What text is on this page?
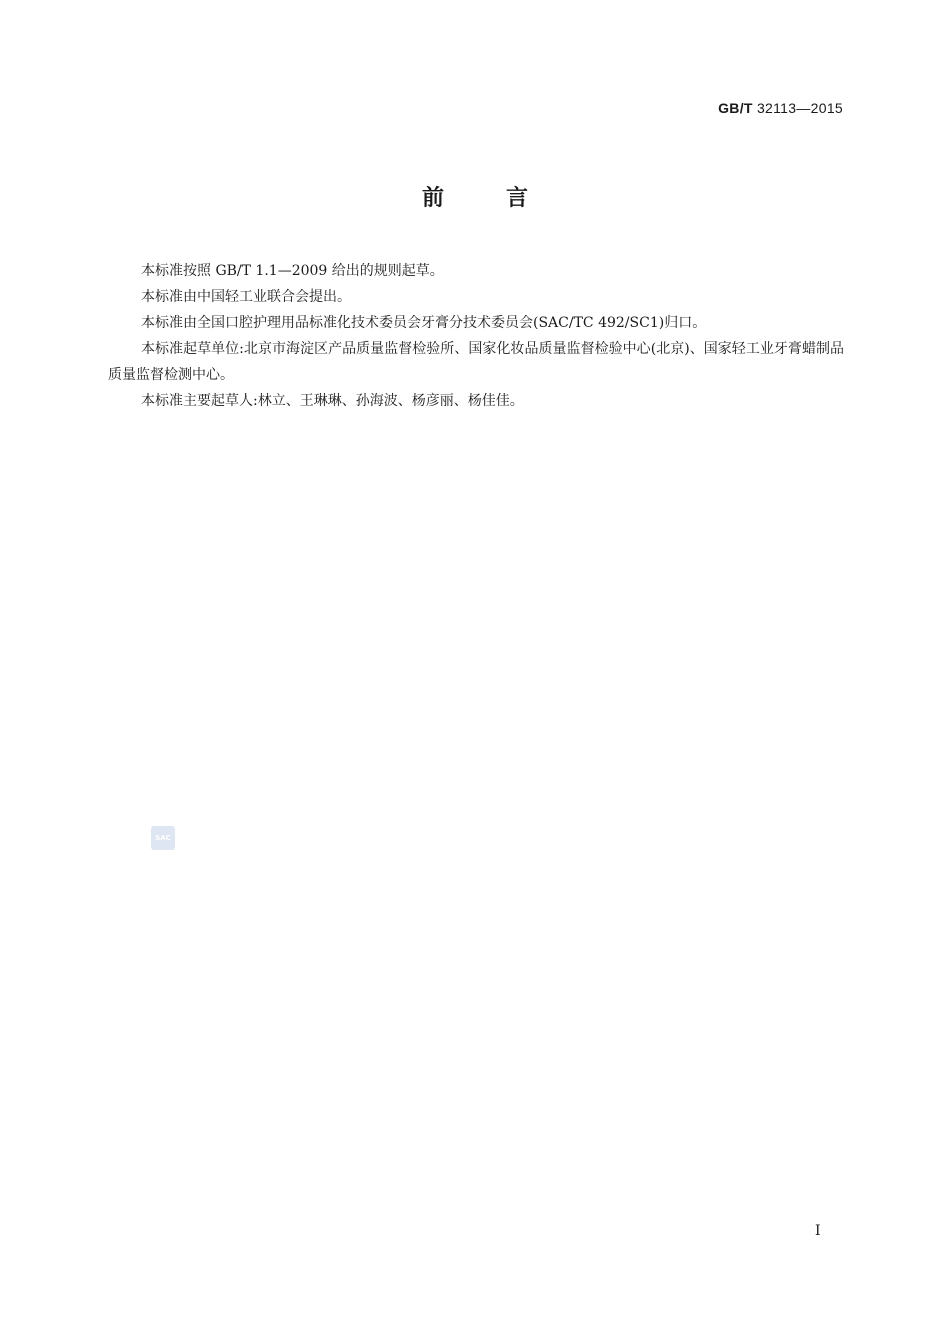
GB/T 32113—2015
前言

本标准按照 GB/T 1.1—2009 给出的规则起草。

本标准由中国轻工业联合会提出。

本标准由全国口腔护理用品标准化技术委员会牙膏分技术委员会(SAC/TC 492/SC1)归口。

本标准起草单位:北京市海淀区产品质量监督检验所、国家化妆品质量监督检验中心(北京)、国家轻工业牙膏蜡制品质量监督检测中心。

本标准主要起草人:林立、王琳琳、孙海波、杨彦丽、杨佳佳。

SAC
I
